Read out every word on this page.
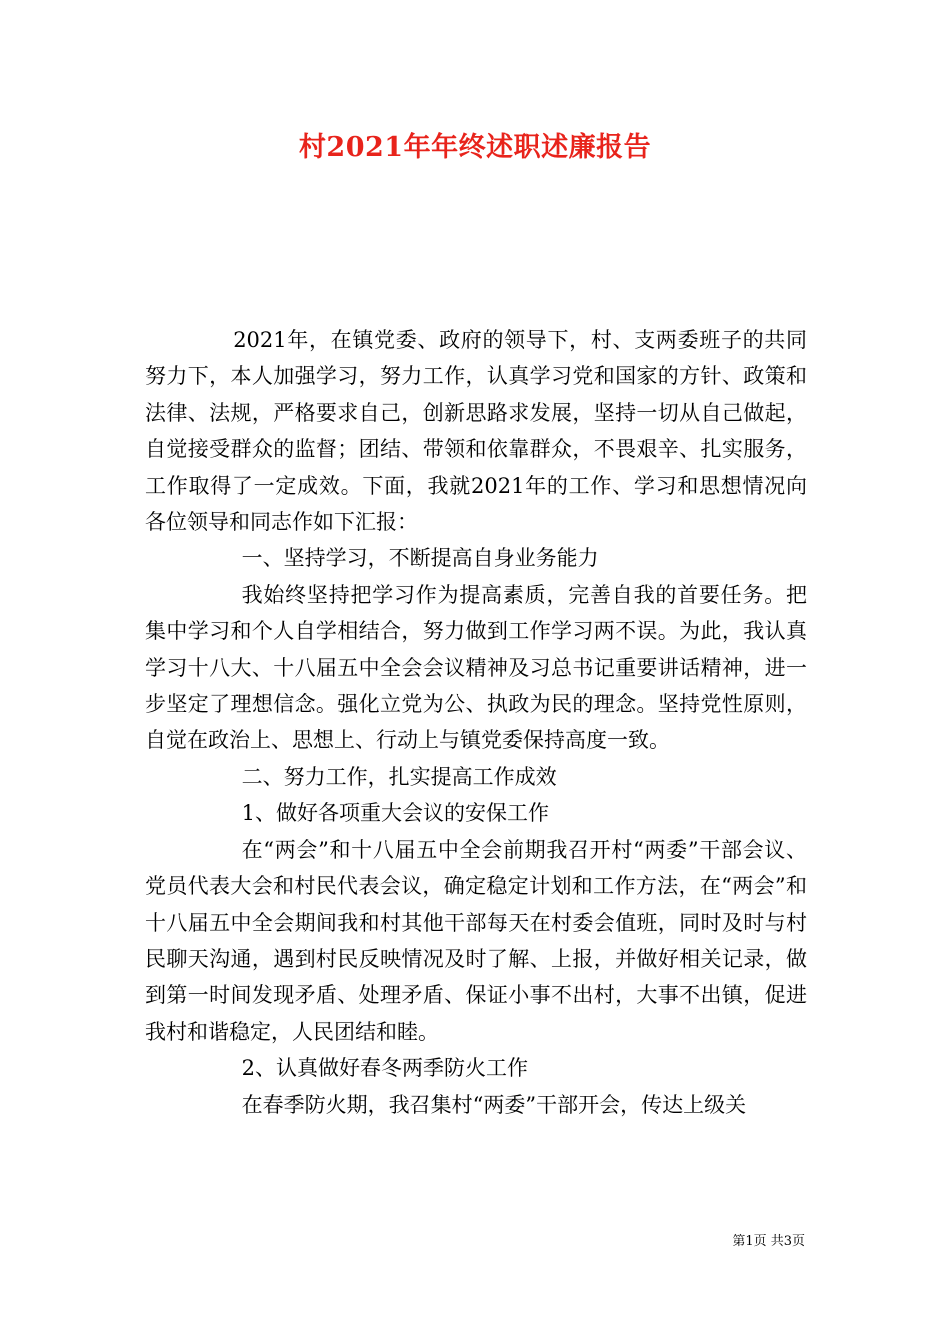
村2021年年终述职述廉报告

2021年，在镇党委、政府的领导下，村、支两委班子的共同努力下，本人加强学习，努力工作，认真学习党和国家的方针、政策和法律、法规，严格要求自己，创新思路求发展，坚持一切从自己做起，自觉接受群众的监督；团结、带领和依靠群众，不畏艰辛、扎实服务，工作取得了一定成效。下面，我就2021年的工作、学习和思想情况向各位领导和同志作如下汇报：

一、坚持学习，不断提高自身业务能力

我始终坚持把学习作为提高素质，完善自我的首要任务。把集中学习和个人自学相结合，努力做到工作学习两不误。为此，我认真学习十八大、十八届五中全会会议精神及习总书记重要讲话精神，进一步坚定了理想信念。强化立党为公、执政为民的理念。坚持党性原则，自觉在政治上、思想上、行动上与镇党委保持高度一致。

二、努力工作，扎实提高工作成效

1、做好各项重大会议的安保工作

在“两会”和十八届五中全会前期我召开村“两委”干部会议、党员代表大会和村民代表会议，确定稳定计划和工作方法，在“两会”和十八届五中全会期间我和村其他干部每天在村委会值班，同时及时与村民聊天沟通，遇到村民反映情况及时了解、上报，并做好相关记录，做到第一时间发现矛盾、处理矛盾、保证小事不出村，大事不出镇，促进我村和谐稳定，人民团结和睦。

2、认真做好春冬两季防火工作

在春季防火期，我召集村“两委”干部开会，传达上级关

第1页 共3页
